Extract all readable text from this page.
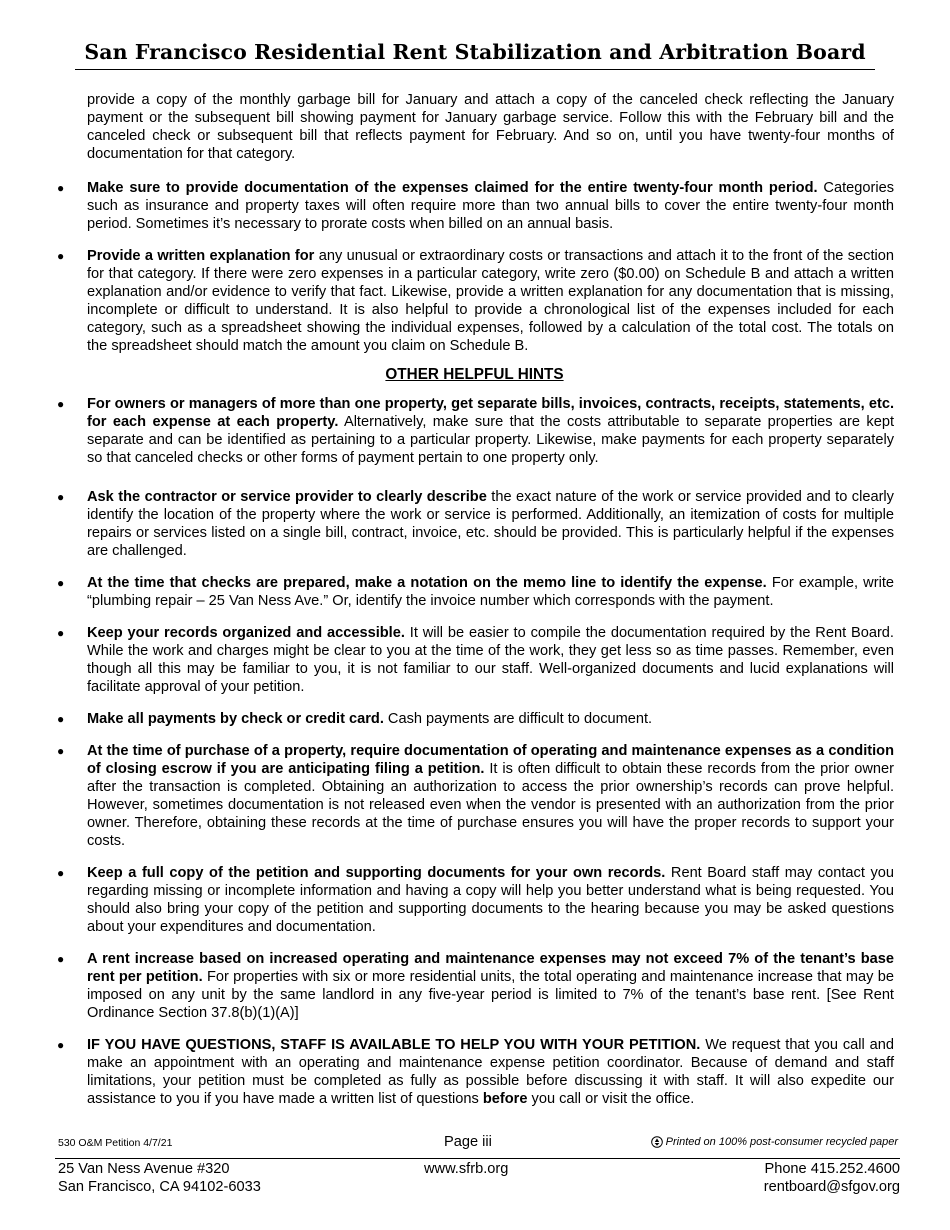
San Francisco Residential Rent Stabilization and Arbitration Board

provide a copy of the monthly garbage bill for January and attach a copy of the canceled check reflecting the January payment or the subsequent bill showing payment for January garbage service. Follow this with the February bill and the canceled check or subsequent bill that reflects payment for February. And so on, until you have twenty-four months of documentation for that category.

● Make sure to provide documentation of the expenses claimed for the entire twenty-four month period. Categories such as insurance and property taxes will often require more than two annual bills to cover the entire twenty-four month period. Sometimes it’s necessary to prorate costs when billed on an annual basis.

● Provide a written explanation for any unusual or extraordinary costs or transactions and attach it to the front of the section for that category. If there were zero expenses in a particular category, write zero ($0.00) on Schedule B and attach a written explanation and/or evidence to verify that fact. Likewise, provide a written explanation for any documentation that is missing, incomplete or difficult to understand. It is also helpful to provide a chronological list of the expenses included for each category, such as a spreadsheet showing the individual expenses, followed by a calculation of the total cost. The totals on the spreadsheet should match the amount you claim on Schedule B.

OTHER HELPFUL HINTS

● For owners or managers of more than one property, get separate bills, invoices, contracts, receipts, statements, etc. for each expense at each property. Alternatively, make sure that the costs attributable to separate properties are kept separate and can be identified as pertaining to a particular property. Likewise, make payments for each property separately so that canceled checks or other forms of payment pertain to one property only.

● Ask the contractor or service provider to clearly describe the exact nature of the work or service provided and to clearly identify the location of the property where the work or service is performed. Additionally, an itemization of costs for multiple repairs or services listed on a single bill, contract, invoice, etc. should be provided. This is particularly helpful if the expenses are challenged.

● At the time that checks are prepared, make a notation on the memo line to identify the expense. For example, write “plumbing repair – 25 Van Ness Ave.” Or, identify the invoice number which corresponds with the payment.

● Keep your records organized and accessible. It will be easier to compile the documentation required by the Rent Board. While the work and charges might be clear to you at the time of the work, they get less so as time passes. Remember, even though all this may be familiar to you, it is not familiar to our staff. Well-organized documents and lucid explanations will facilitate approval of your petition.

● Make all payments by check or credit card. Cash payments are difficult to document.

● At the time of purchase of a property, require documentation of operating and maintenance expenses as a condition of closing escrow if you are anticipating filing a petition. It is often difficult to obtain these records from the prior owner after the transaction is completed. Obtaining an authorization to access the prior ownership’s records can prove helpful. However, sometimes documentation is not released even when the vendor is presented with an authorization from the prior owner. Therefore, obtaining these records at the time of purchase ensures you will have the proper records to support your costs.

● Keep a full copy of the petition and supporting documents for your own records. Rent Board staff may contact you regarding missing or incomplete information and having a copy will help you better understand what is being requested. You should also bring your copy of the petition and supporting documents to the hearing because you may be asked questions about your expenditures and documentation.

● A rent increase based on increased operating and maintenance expenses may not exceed 7% of the tenant’s base rent per petition. For properties with six or more residential units, the total operating and maintenance increase that may be imposed on any unit by the same landlord in any five-year period is limited to 7% of the tenant’s base rent. [See Rent Ordinance Section 37.8(b)(1)(A)]

● IF YOU HAVE QUESTIONS, STAFF IS AVAILABLE TO HELP YOU WITH YOUR PETITION. We request that you call and make an appointment with an operating and maintenance expense petition coordinator. Because of demand and staff limitations, your petition must be completed as fully as possible before discussing it with staff. It will also expedite our assistance to you if you have made a written list of questions before you call or visit the office.

530 O&M Petition 4/7/21	Page iii	Printed on 100% post-consumer recycled paper
25 Van Ness Avenue #320	www.sfrb.org	Phone 415.252.4600
San Francisco, CA 94102-6033	rentboard@sfgov.org
